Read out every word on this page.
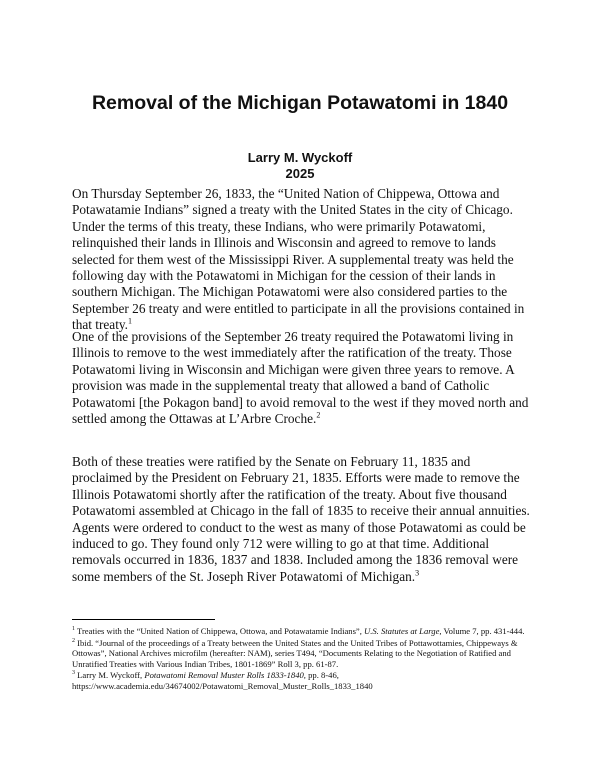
Removal of the Michigan Potawatomi in 1840
Larry M. Wyckoff
2025

On Thursday September 26, 1833, the “United Nation of Chippewa, Ottowa and Potawatamie Indians” signed a treaty with the United States in the city of Chicago. Under the terms of this treaty, these Indians, who were primarily Potawatomi, relinquished their lands in Illinois and Wisconsin and agreed to remove to lands selected for them west of the Mississippi River. A supplemental treaty was held the following day with the Potawatomi in Michigan for the cession of their lands in southern Michigan. The Michigan Potawatomi were also considered parties to the September 26 treaty and were entitled to participate in all the provisions contained in that treaty.$^1$

One of the provisions of the September 26 treaty required the Potawatomi living in Illinois to remove to the west immediately after the ratification of the treaty. Those Potawatomi living in Wisconsin and Michigan were given three years to remove. A provision was made in the supplemental treaty that allowed a band of Catholic Potawatomi [the Pokagon band] to avoid removal to the west if they moved north and settled among the Ottawas at L’Arbre Croche.$^2$

Both of these treaties were ratified by the Senate on February 11, 1835 and proclaimed by the President on February 21, 1835. Efforts were made to remove the Illinois Potawatomi shortly after the ratification of the treaty. About five thousand Potawatomi assembled at Chicago in the fall of 1835 to receive their annual annuities. Agents were ordered to conduct to the west as many of those Potawatomi as could be induced to go. They found only 712 were willing to go at that time. Additional removals occurred in 1836, 1837 and 1838. Included among the 1836 removal were some members of the St. Joseph River Potawatomi of Michigan.$^3$

$^1$ Treaties with the “United Nation of Chippewa, Ottowa, and Potawatamie Indians”, U.S. Statutes at Large, Volume 7, pp. 431-444.

$^2$ Ibid. “Journal of the proceedings of a Treaty between the United States and the United Tribes of Pottawottamies, Chippeways & Ottowas”, National Archives microfilm (hereafter: NAM), series T494, “Documents Relating to the Negotiation of Ratified and Unratified Treaties with Various Indian Tribes, 1801-1869” Roll 3, pp. 61-87.

$^3$ Larry M. Wyckoff, Potawatomi Removal Muster Rolls 1833-1840, pp. 8-46, https://www.academia.edu/34674002/Potawatomi_Removal_Muster_Rolls_1833_1840
